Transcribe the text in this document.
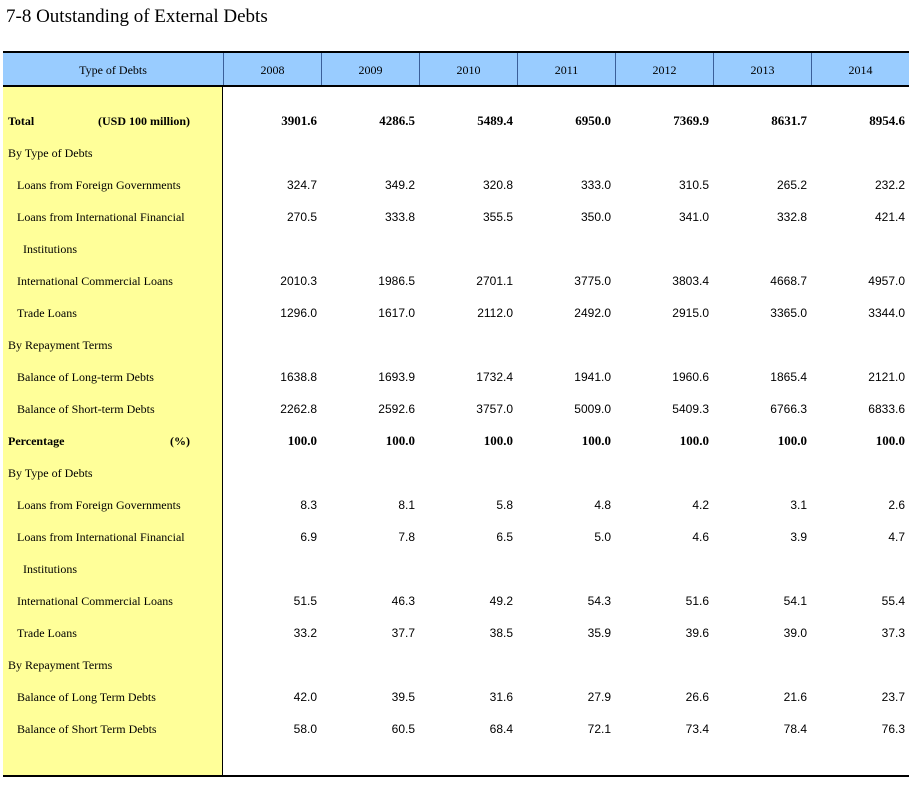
7-8 Outstanding of External Debts
Type of Debts	2008	2009	2010	2011	2012	2013	2014
Total	(USD 100 million)	3901.6	4286.5	5489.4	6950.0	7369.9	8631.7	8954.6
By Type of Debts
Loans from Foreign Governments	324.7	349.2	320.8	333.0	310.5	265.2	232.2
Loans from International Financial	270.5	333.8	355.5	350.0	341.0	332.8	421.4
Institutions
International Commercial Loans	2010.3	1986.5	2701.1	3775.0	3803.4	4668.7	4957.0
Trade Loans	1296.0	1617.0	2112.0	2492.0	2915.0	3365.0	3344.0
By Repayment Terms
Balance of Long-term Debts	1638.8	1693.9	1732.4	1941.0	1960.6	1865.4	2121.0
Balance of Short-term Debts	2262.8	2592.6	3757.0	5009.0	5409.3	6766.3	6833.6
Percentage	(%)	100.0	100.0	100.0	100.0	100.0	100.0	100.0
By Type of Debts
Loans from Foreign Governments	8.3	8.1	5.8	4.8	4.2	3.1	2.6
Loans from International Financial	6.9	7.8	6.5	5.0	4.6	3.9	4.7
Institutions
International Commercial Loans	51.5	46.3	49.2	54.3	51.6	54.1	55.4
Trade Loans	33.2	37.7	38.5	35.9	39.6	39.0	37.3
By Repayment Terms
Balance of Long Term Debts	42.0	39.5	31.6	27.9	26.6	21.6	23.7
Balance of Short Term Debts	58.0	60.5	68.4	72.1	73.4	78.4	76.3
